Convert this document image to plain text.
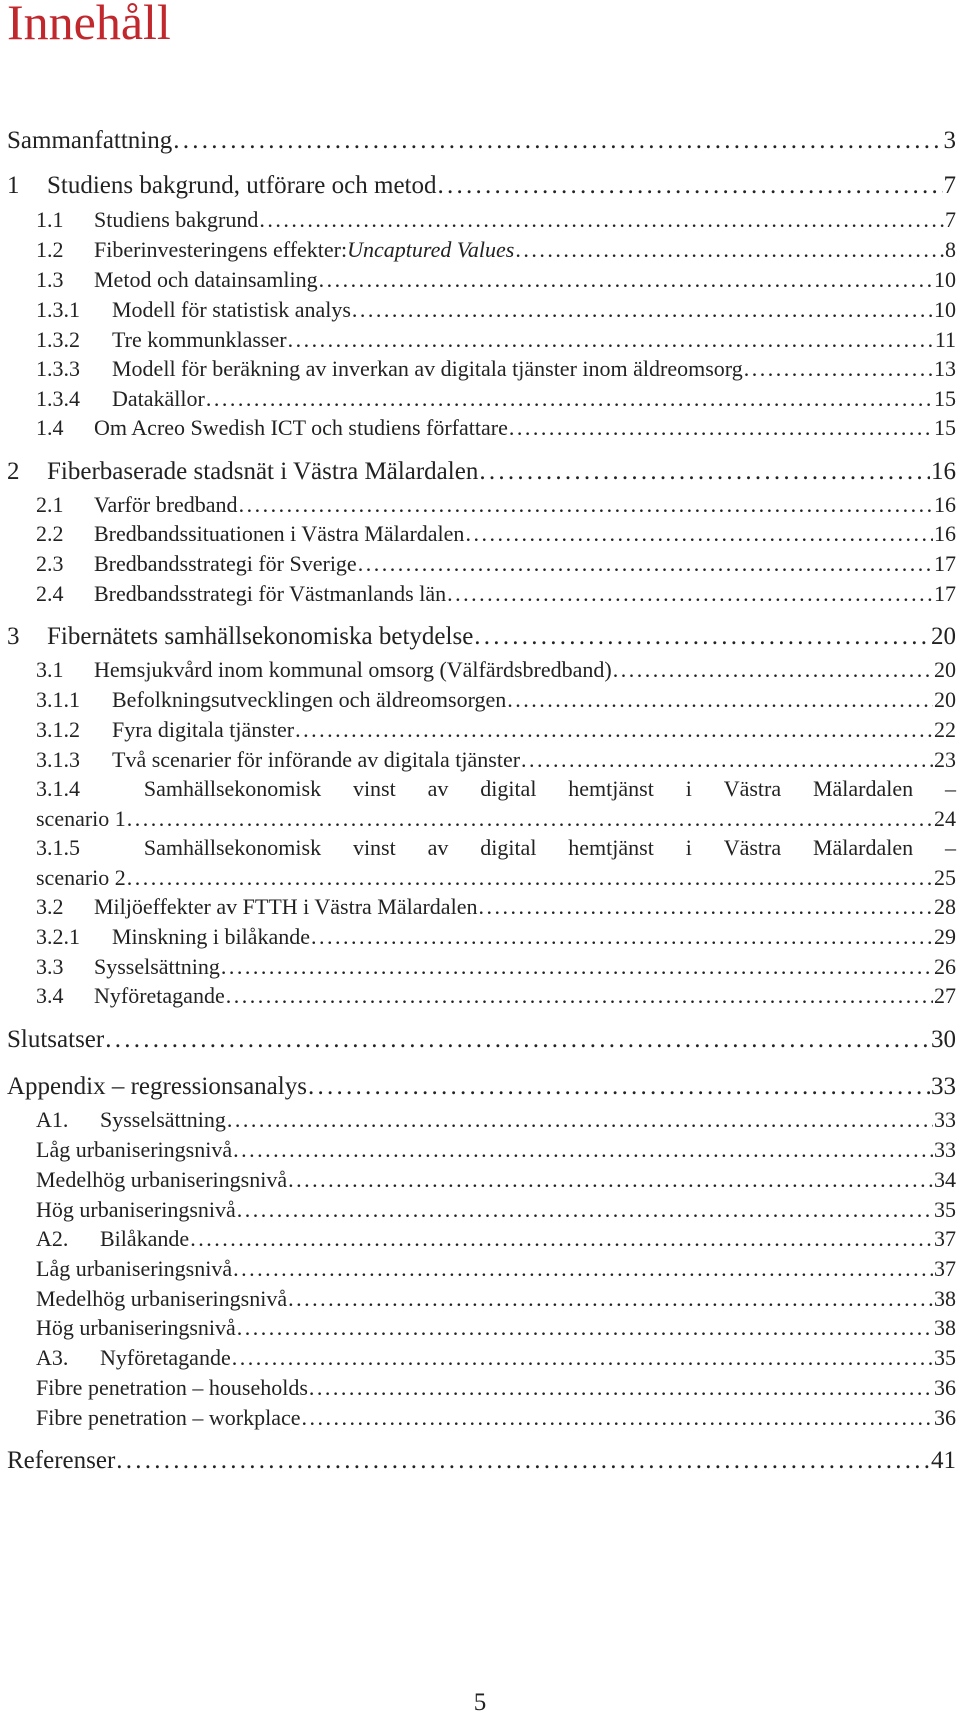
Innehåll
Sammanfattning . . .	3
1	Studiens bakgrund, utförare och metod . . .	7
1.1	Studiens bakgrund . . .	7
1.2	Fiberinvesteringens effekter: Uncaptured Values . . .	8
1.3	Metod och datainsamling . . .	10
1.3.1	Modell för statistisk analys . . .	10
1.3.2	Tre kommunklasser . . .	11
1.3.3	Modell för beräkning av inverkan av digitala tjänster inom äldreomsorg . . .	13
1.3.4	Datakällor . . .	15
1.4	Om Acreo Swedish ICT och studiens författare . . .	15
2	Fiberbaserade stadsnät i Västra Mälardalen . . .	16
2.1	Varför bredband . . .	16
2.2	Bredbandssituationen i Västra Mälardalen . . .	16
2.3	Bredbandsstrategi för Sverige . . .	17
2.4	Bredbandsstrategi för Västmanlands län . . .	17
3	Fibernätets samhällsekonomiska betydelse . . .	20
3.1	Hemsjukvård inom kommunal omsorg (Välfärdsbredband) . . .	20
3.1.1	Befolkningsutvecklingen och äldreomsorgen . . .	20
3.1.2	Fyra digitala tjänster . . .	22
3.1.3	Två scenarier för införande av digitala tjänster . . .	23
3.1.4	Samhällsekonomisk vinst av digital hemtjänst i Västra Mälardalen –
scenario 1 . . .	24
3.1.5	Samhällsekonomisk vinst av digital hemtjänst i Västra Mälardalen –
scenario 2 . . .	25
3.2	Miljöeffekter av FTTH i Västra Mälardalen . . .	28
3.2.1	Minskning i bilåkande . . .	29
3.3	Sysselsättning . . .	26
3.4	Nyföretagande . . .	27
Slutsatser . . .	30
Appendix – regressionsanalys . . .	33
A1.	Sysselsättning . . .	33
Låg urbaniseringsnivå . . .	33
Medelhög urbaniseringsnivå . . .	34
Hög urbaniseringsnivå . . .	35
A2.	Bilåkande . . .	37
Låg urbaniseringsnivå . . .	37
Medelhög urbaniseringsnivå . . .	38
Hög urbaniseringsnivå . . .	38
A3.	Nyföretagande . . .	35
Fibre penetration – households . . .	36
Fibre penetration – workplace . . .	36
Referenser . . .	41
5
